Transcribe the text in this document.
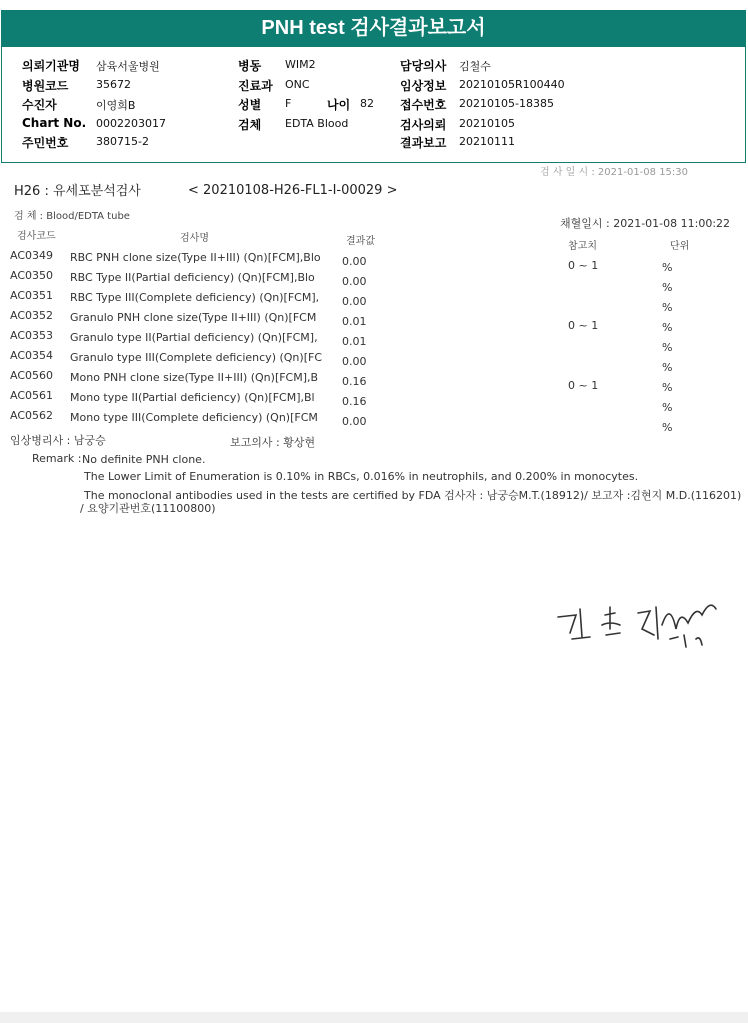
PNH test 검사결과보고서
의뢰기관명 삼육서울병원
병원코드	35672
수진자	이영희B
Chart No. 0002203017
주민번호	380715-2
병동 WIM2
진료과 ONC
성별 F	나이 82
검체 EDTA Blood
담당의사 김철수
임상정보 20210105R100440
접수번호 20210105-18385
검사의뢰 20210105
결과보고 20210111
검 사 일 시 : 2021-01-08 15:30
H26 : 유세포분석검사	< 20210108-H26-FL1-I-00029 >
검 체 : Blood/EDTA tube
채혈일시 : 2021-01-08 11:00:22
검사코드	검사명	결과값	참고치	단위
AC0349 RBC PNH clone size(Type II+III) (Qn)[FCM],Blo 0.00	0 ~ 1	%
AC0350 RBC Type II(Partial deficiency) (Qn)[FCM],Blo 0.00	%
AC0351 RBC Type III(Complete deficiency) (Qn)[FCM], 0.00	%
AC0352 Granulo PNH clone size(Type II+III) (Qn)[FCM 0.01	0 ~ 1	%
AC0353 Granulo type II(Partial deficiency) (Qn)[FCM], 0.01	%
AC0354 Granulo type III(Complete deficiency) (Qn)[FC 0.00	%
AC0560 Mono PNH clone size(Type II+III) (Qn)[FCM],B 0.16	0 ~ 1	%
AC0561 Mono type II(Partial deficiency) (Qn)[FCM],Bl 0.16	%
AC0562 Mono type III(Complete deficiency) (Qn)[FCM 0.00	%
임상병리사 : 남궁승	보고의사 : 황상현
Remark : No definite PNH clone.
The Lower Limit of Enumeration is 0.10% in RBCs, 0.016% in neutrophils, and 0.200% in monocytes.
The monoclonal antibodies used in the tests are certified by FDA 검사자 : 남궁승M.T.(18912)/ 보고자 :김현지 M.D.(116201)
/ 요양기관번호(11100800)
